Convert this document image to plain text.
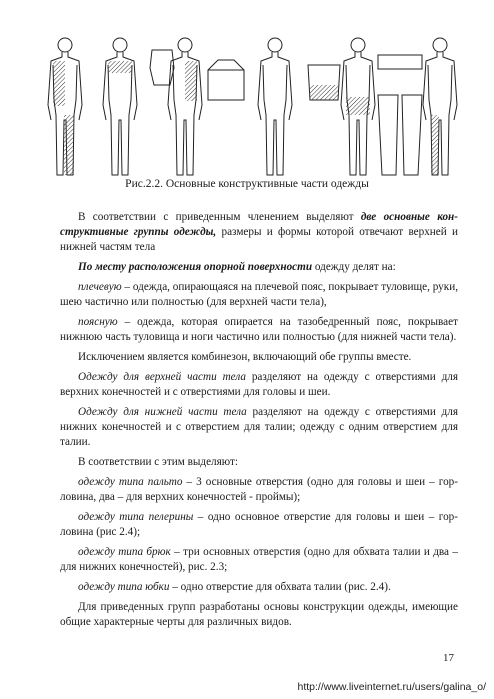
Рис.2.2. Основные конструктивные части одежды

В соответствии с приведенным членением выделяют две основные конструктивные группы одежды, размеры и формы которой отвечают верхней и нижней частям тела

По месту расположения опорной поверхности одежду делят на:

плечевую – одежда, опирающаяся на плечевой пояс, покрывает туловище, руки, шею частично или полностью (для верхней части тела),

поясную – одежда, которая опирается на тазобедренный пояс, покрывает нижнюю часть туловища и ноги частично или полностью (для нижней части тела).

Исключением является комбинезон, включающий обе группы вместе.

Одежду для верхней части тела разделяют на одежду с отверстиями для верхних конечностей и с отверстиями для головы и шеи.

Одежду для нижней части тела разделяют на одежду с отверстиями для нижних конечностей и с отверстием для талии; одежду с одним отверстием для талии.

В соответствии с этим выделяют:

одежду типа пальто – 3 основные отверстия (одно для головы и шеи – горловина, два – для верхних конечностей - проймы);

одежду типа пелерины – одно основное отверстие для головы и шеи – горловина (рис 2.4);

одежду типа брюк – три основных отверстия (одно для обхвата талии и два – для нижних конечностей), рис. 2.3;

одежду типа юбки – одно отверстие для обхвата талии (рис. 2.4).

Для приведенных групп разработаны основы конструкции одежды, имеющие общие характерные черты для различных видов.

17
http://www.liveinternet.ru/users/galina_o/
